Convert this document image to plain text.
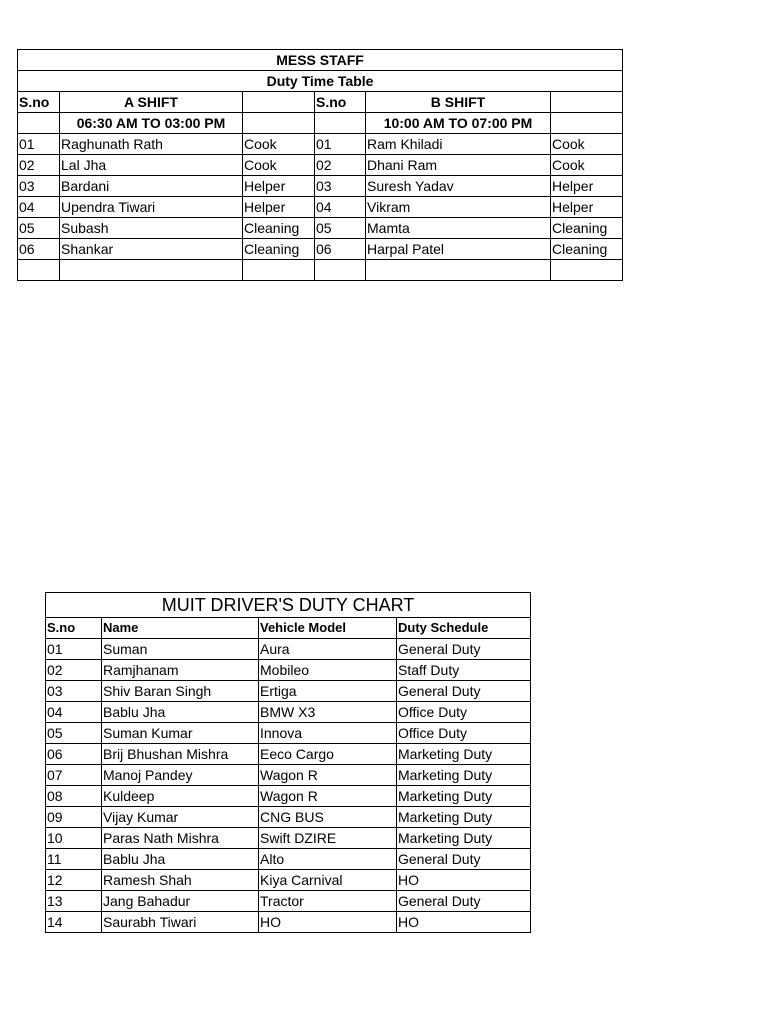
MESS STAFF					
Duty Time Table					
S.no	A SHIFT		S.no	B SHIFT	
	06:30 AM TO 03:00 PM			10:00 AM TO 07:00 PM	
01	Raghunath Rath	Cook	01	Ram Khiladi	Cook
02	Lal Jha	Cook	02	Dhani Ram	Cook
03	Bardani	Helper	03	Suresh Yadav	Helper
04	Upendra Tiwari	Helper	04	Vikram	Helper
05	Subash	Cleaning	05	Mamta	Cleaning
06	Shankar	Cleaning	06	Harpal Patel	Cleaning

MUIT DRIVER'S DUTY CHART			
S.no	Name	Vehicle Model	Duty Schedule
01	Suman	Aura	General Duty
02	Ramjhanam	Mobileo	Staff Duty
03	Shiv Baran Singh	Ertiga	General Duty
04	Bablu Jha	BMW X3	Office Duty
05	Suman Kumar	Innova	Office Duty
06	Brij Bhushan Mishra	Eeco Cargo	Marketing Duty
07	Manoj Pandey	Wagon R	Marketing Duty
08	Kuldeep	Wagon R	Marketing Duty
09	Vijay Kumar	CNG BUS	Marketing Duty
10	Paras Nath Mishra	Swift DZIRE	Marketing Duty
11	Bablu Jha	Alto	General Duty
12	Ramesh Shah	Kiya Carnival	HO
13	Jang Bahadur	Tractor	General Duty
14	Saurabh Tiwari	HO	HO
